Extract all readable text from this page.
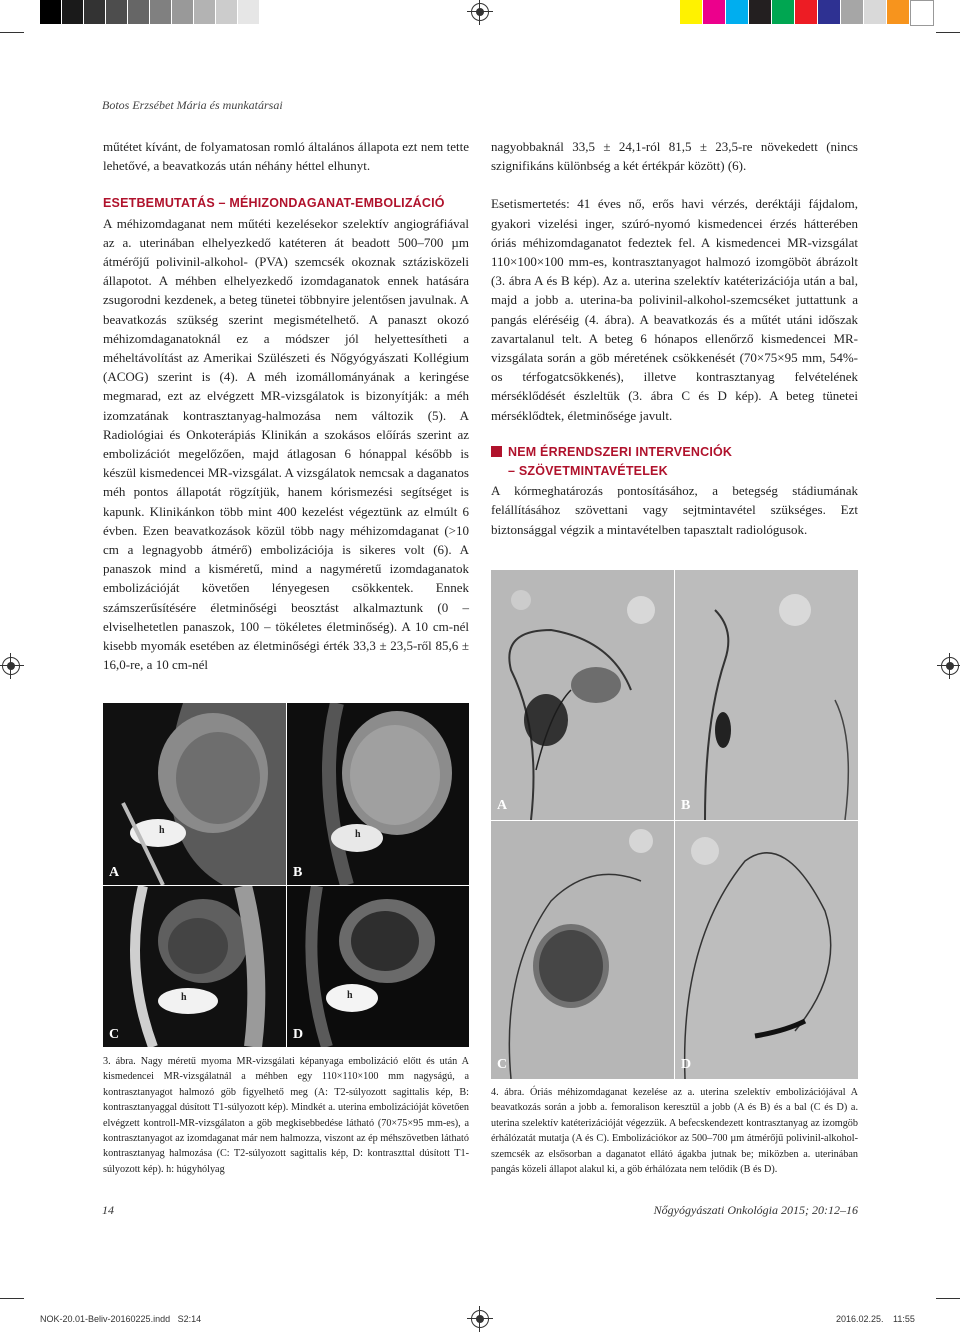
Botos Erzsébet Mária és munkatársai

műtétet kívánt, de folyamatosan romló általános állapota ezt nem tette lehetővé, a beavatkozás után néhány héttel elhunyt.

ESETBEMUTATÁS – MÉHIZONDAGANAT-EMBOLIZÁCIÓ

A méhizomdaganat nem műtéti kezelésekor szelektív angiográfiával az a. uterinában elhelyezkedő katéteren át beadott 500–700 µm átmérőjű polivinil-alkohol- (PVA) szemcsék okoznak sztázisközeli állapotot. A méhben elhelyezkedő izomdaganatok ennek hatására zsugorodni kezdenek, a beteg tünetei többnyire jelentősen javulnak. A beavatkozás szükség szerint megismételhető. A panaszt okozó méhizomdaganatoknál ez a módszer jól helyettesítheti a méheltávolítást az Amerikai Szülészeti és Nőgyógyászati Kollégium (ACOG) szerint is (4). A méh izomállományának a keringése megmarad, ezt az elvégzett MR-vizsgálatok is bizonyítják: a méh izomzatának kontrasztanyag-halmozása nem változik (5). A Radiológiai és Onkoterápiás Klinikán a szokásos előírás szerint az embolizációt megelőzően, majd átlagosan 6 hónappal később is készül kismedencei MR-vizsgálat. A vizsgálatok nemcsak a daganatos méh pontos állapotát rögzítjük, hanem kórismezési segítséget is kapunk. Klinikánkon több mint 400 kezelést végeztünk az elmúlt 6 évben. Ezen beavatkozások közül több nagy méhizomdaganat (>10 cm a legnagyobb átmérő) embolizációja is sikeres volt (6). A panaszok mind a kisméretű, mind a nagyméretű izomdaganatok embolizációját követően lényegesen csökkentek. Ennek számszerűsítésére életminőségi beosztást alkalmaztunk (0 – elviselhetetlen panaszok, 100 – tökéletes életminőség). A 10 cm-nél kisebb myomák esetében az életminőségi érték 33,3 ± 23,5-ről 85,6 ± 16,0-re, a 10 cm-nél

nagyobbaknál 33,5 ± 24,1-ról 81,5 ± 23,5-re növekedett (nincs szignifikáns különbség a két értékpár között) (6).

Esetismertetés: 41 éves nő, erős havi vérzés, deréktáji fájdalom, gyakori vizelési inger, szúró-nyomó kismedencei érzés hátterében óriás méhizomdaganatot fedeztek fel. A kismedencei MR-vizsgálat 110×100×100 mm-es, kontrasztanyagot halmozó izomgöböt ábrázolt (3. ábra A és B kép). Az a. uterina szelektív katéterizációja után a bal, majd a jobb a. uterina-ba polivinil-alkohol-szemcséket juttattunk a pangás eléréséig (4. ábra). A beavatkozás és a műtét utáni időszak zavartalanul telt. A beteg 6 hónapos ellenőrző kismedencei MR-vizsgálata során a göb méretének csökkenését (70×75×95 mm, 54%-os térfogatcsökkenés), illetve kontrasztanyag felvételének mérséklődését észleltük (3. ábra C és D kép). A beteg tünetei mérséklődtek, életminősége javult.

NEM ÉRRENDSZERI INTERVENCIÓK
– SZÖVETMINTAVÉTELEK

A kórmeghatározás pontosításához, a betegség stádiumának felállításához szövettani vagy sejtmintavétel szükséges. Ezt biztonsággal végzik a mintavételben tapasztalt radiológusok.

h
A
h
B
h
C
h
D
3. ábra. Nagy méretű myoma MR-vizsgálati képanyaga embolizáció előtt és után A kismedencei MR-vizsgálatnál a méhben egy 110×110×100 mm nagyságú, a kontrasztanyagot halmozó göb figyelhető meg (A: T2-súlyozott sagittalis kép, B: kontrasztanyaggal dúsított T1-súlyozott kép). Mindkét a. uterina embolizációját követően elvégzett kontroll-MR-vizsgálaton a göb megkisebbedése látható (70×75×95 mm-es), a kontrasztanyagot az izomdaganat már nem halmozza, viszont az ép méhszövetben látható kontrasztanyag halmozása (C: T2-súlyozott sagittalis kép, D: kontraszttal dúsított T1-súlyozott kép). h: húgyhólyag
A	B
C	D
4. ábra. Óriás méhizomdaganat kezelése az a. uterina szelektív embolizációjával A beavatkozás során a jobb a. femoralison keresztül a jobb (A és B) és a bal (C és D) a. uterina szelektív katéterizációját végezzük. A befecskendezett kontrasztanyag az izomgöb érhálózatát mutatja (A és C). Embolizációkor az 500–700 µm átmérőjű polivinil-alkohol-szemcsék az elsősorban a daganatot ellátó ágakba jutnak be; miközben a. uterinában pangás közeli állapot alakul ki, a göb érhálózata nem telődik (B és D).
14	Nőgyógyászati Onkológia 2015; 20:12–16
NOK-20.01-Beliv-20160225.indd   S2:14	2016.02.25. 11:55
